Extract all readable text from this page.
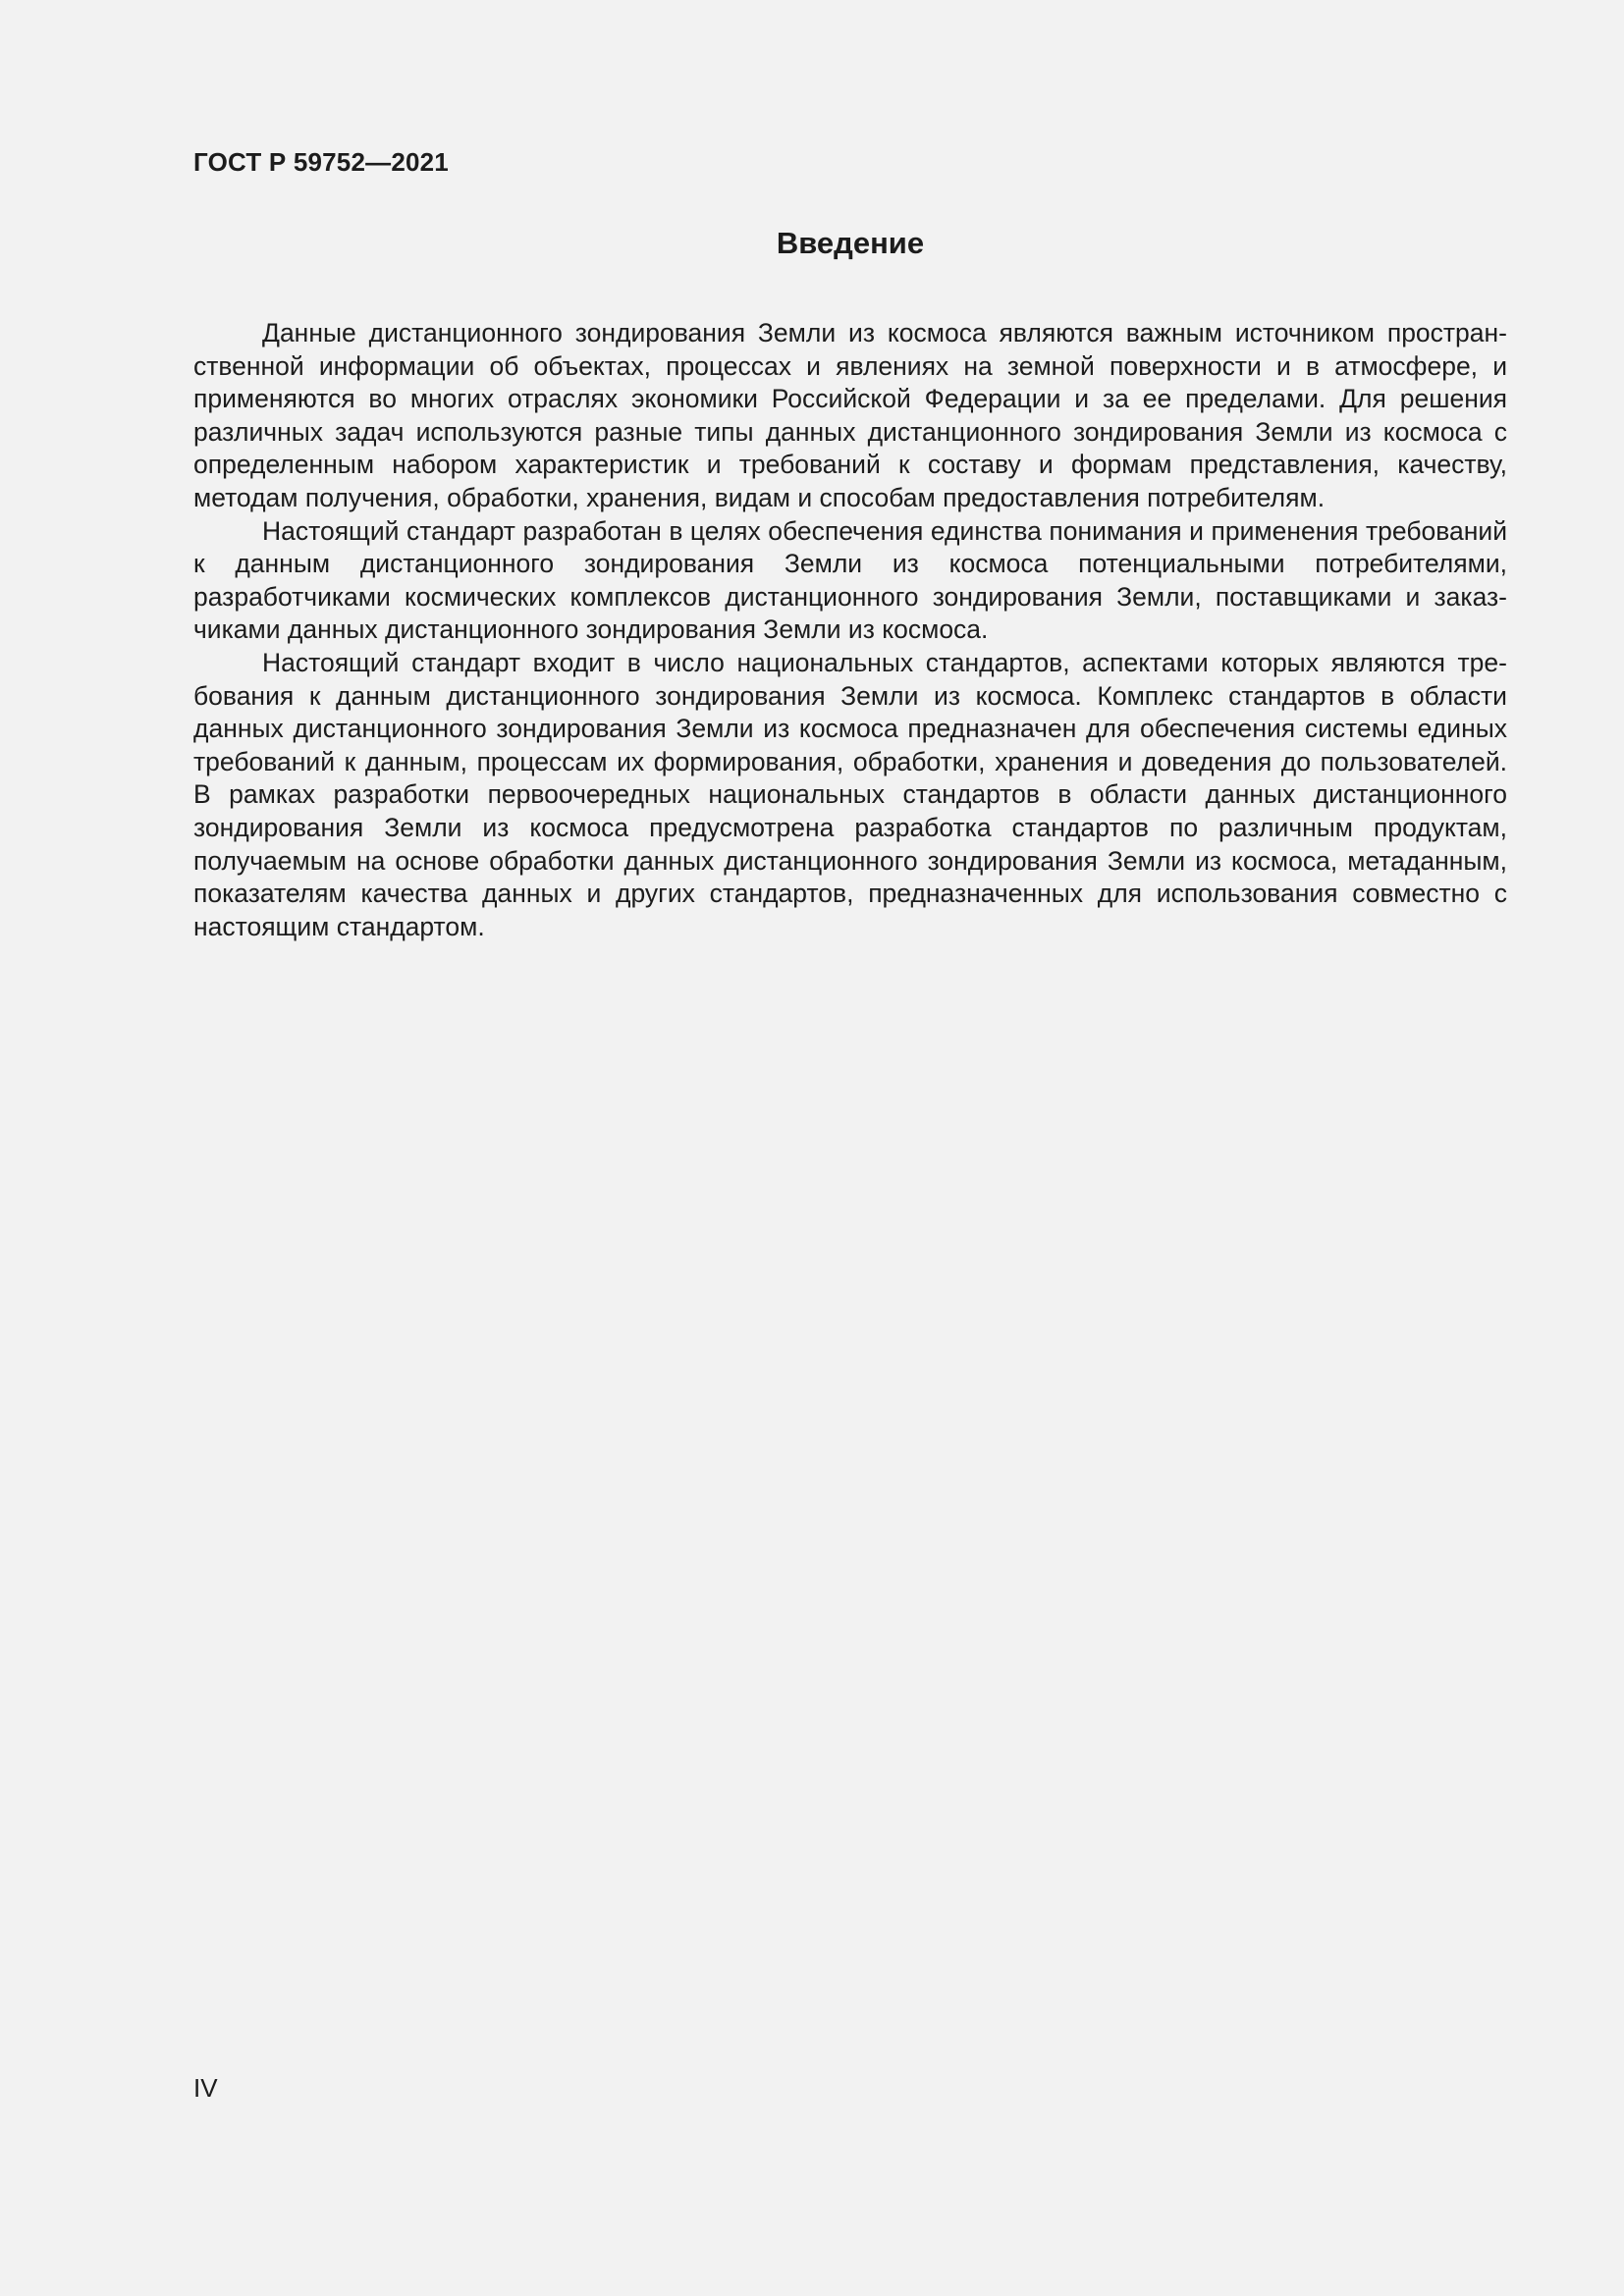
ГОСТ Р 59752—2021
Введение

Данные дистанционного зондирования Земли из космоса являются важным источником пространственной информации об объектах, процессах и явлениях на земной поверхности и в атмосфере, и применяются во многих отраслях экономики Российской Федерации и за ее пределами. Для решения различных задач используются разные типы данных дистанционного зондирования Земли из космоса с определенным набором характеристик и требований к составу и формам представления, качеству, методам получения, обработки, хранения, видам и способам предоставления потребителям.

Настоящий стандарт разработан в целях обеспечения единства понимания и применения требований к данным дистанционного зондирования Земли из космоса потенциальными потребителями, разработчиками космических комплексов дистанционного зондирования Земли, поставщиками и заказчиками данных дистанционного зондирования Земли из космоса.

Настоящий стандарт входит в число национальных стандартов, аспектами которых являются требования к данным дистанционного зондирования Земли из космоса. Комплекс стандартов в области данных дистанционного зондирования Земли из космоса предназначен для обеспечения системы единых требований к данным, процессам их формирования, обработки, хранения и доведения до пользователей. В рамках разработки первоочередных национальных стандартов в области данных дистанционного зондирования Земли из космоса предусмотрена разработка стандартов по различным продуктам, получаемым на основе обработки данных дистанционного зондирования Земли из космоса, метаданным, показателям качества данных и других стандартов, предназначенных для использования совместно с настоящим стандартом.

IV
